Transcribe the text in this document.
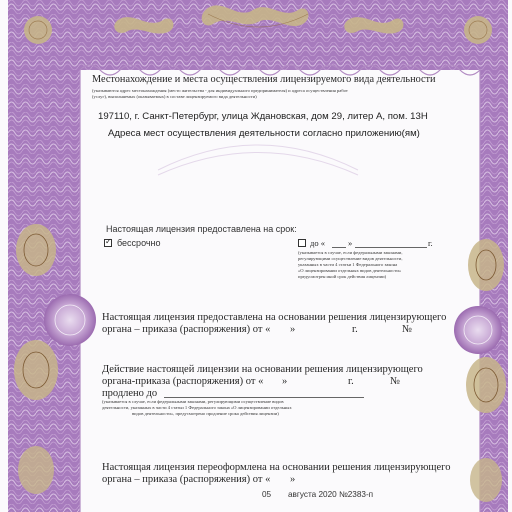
Местонахождение и места осуществления лицензируемого вида деятельности
(указываются адрес местонахождения (место жительства - для индивидуального предпринимателя) и адреса осуществления работ
(услуг), выполняемых (оказываемых) в составе лицензируемого вида деятельности)
197110, г. Санкт-Петербург, улица Ждановская, дом 29, литер А, пом. 13Н
Адреса мест осуществления деятельности согласно приложению(ям)
Настоящая лицензия предоставлена на срок:
✓
бессрочно	до «	»	г.
(указывается в случае, если федеральными законами,
регулирующими осуществление видов деятельности,
указанных в части 4 статьи 1 Федерального закона
«О лицензировании отдельных видов деятельности»
предусмотрен иной срок действия лицензии)
Настоящая лицензия предоставлена на основании решения лицензирующего
органа – приказа (распоряжения) от « »	г.	№
Действие настоящей лицензии на основании решения лицензирующего
органа-приказа (распоряжения) от « »	г.	№
продлено до
(указывается в случае, если федеральными законами, регулирующими осуществление видов
деятельности, указанных в части 4 статьи 1 Федерального закона «О лицензировании отдельных
видов деятельности», предусмотрено продление срока действия лицензии)
Настоящая лицензия переоформлена на основании решения лицензирующего
органа – приказа (распоряжения) от « »
05 августа 2020 №2383-п
